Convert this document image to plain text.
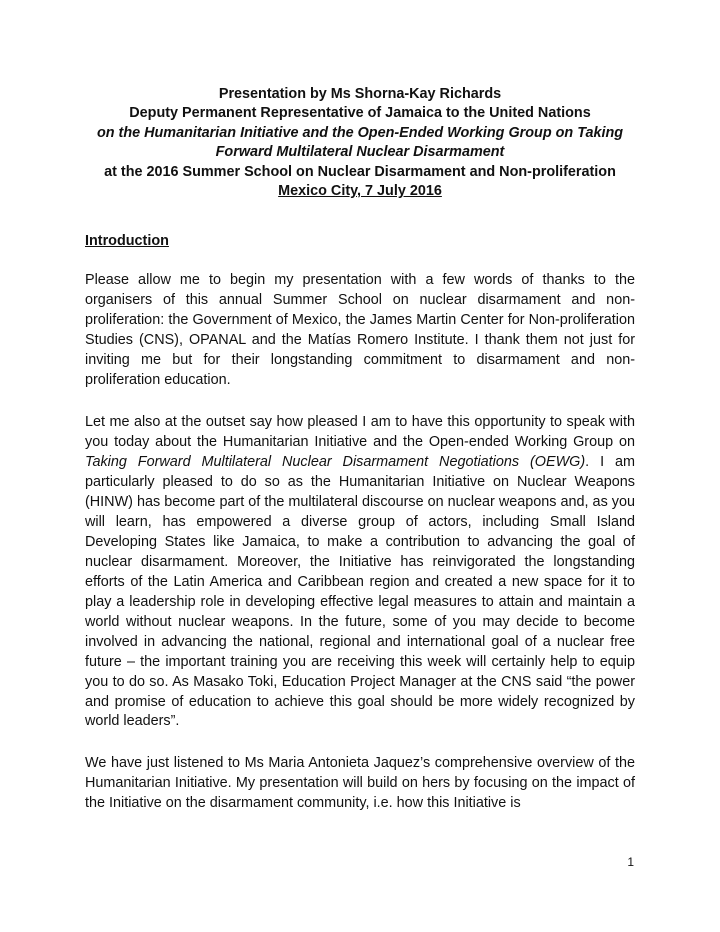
Presentation by Ms Shorna-Kay Richards
Deputy Permanent Representative of Jamaica to the United Nations
on the Humanitarian Initiative and the Open-Ended Working Group on Taking
Forward Multilateral Nuclear Disarmament
at the 2016 Summer School on Nuclear Disarmament and Non-proliferation
Mexico City, 7 July 2016
Introduction

Please allow me to begin my presentation with a few words of thanks to the organisers of this annual Summer School on nuclear disarmament and non-proliferation: the Government of Mexico, the James Martin Center for Non-proliferation Studies (CNS), OPANAL and the Matías Romero Institute. I thank them not just for inviting me but for their longstanding commitment to disarmament and non-proliferation education.

Let me also at the outset say how pleased I am to have this opportunity to speak with you today about the Humanitarian Initiative and the Open-ended Working Group on Taking Forward Multilateral Nuclear Disarmament Negotiations (OEWG). I am particularly pleased to do so as the Humanitarian Initiative on Nuclear Weapons (HINW) has become part of the multilateral discourse on nuclear weapons and, as you will learn, has empowered a diverse group of actors, including Small Island Developing States like Jamaica, to make a contribution to advancing the goal of nuclear disarmament. Moreover, the Initiative has reinvigorated the longstanding efforts of the Latin America and Caribbean region and created a new space for it to play a leadership role in developing effective legal measures to attain and maintain a world without nuclear weapons. In the future, some of you may decide to become involved in advancing the national, regional and international goal of a nuclear free future – the important training you are receiving this week will certainly help to equip you to do so. As Masako Toki, Education Project Manager at the CNS said “the power and promise of education to achieve this goal should be more widely recognized by world leaders”.

We have just listened to Ms Maria Antonieta Jaquez’s comprehensive overview of the Humanitarian Initiative. My presentation will build on hers by focusing on the impact of the Initiative on the disarmament community, i.e. how this Initiative is

1
